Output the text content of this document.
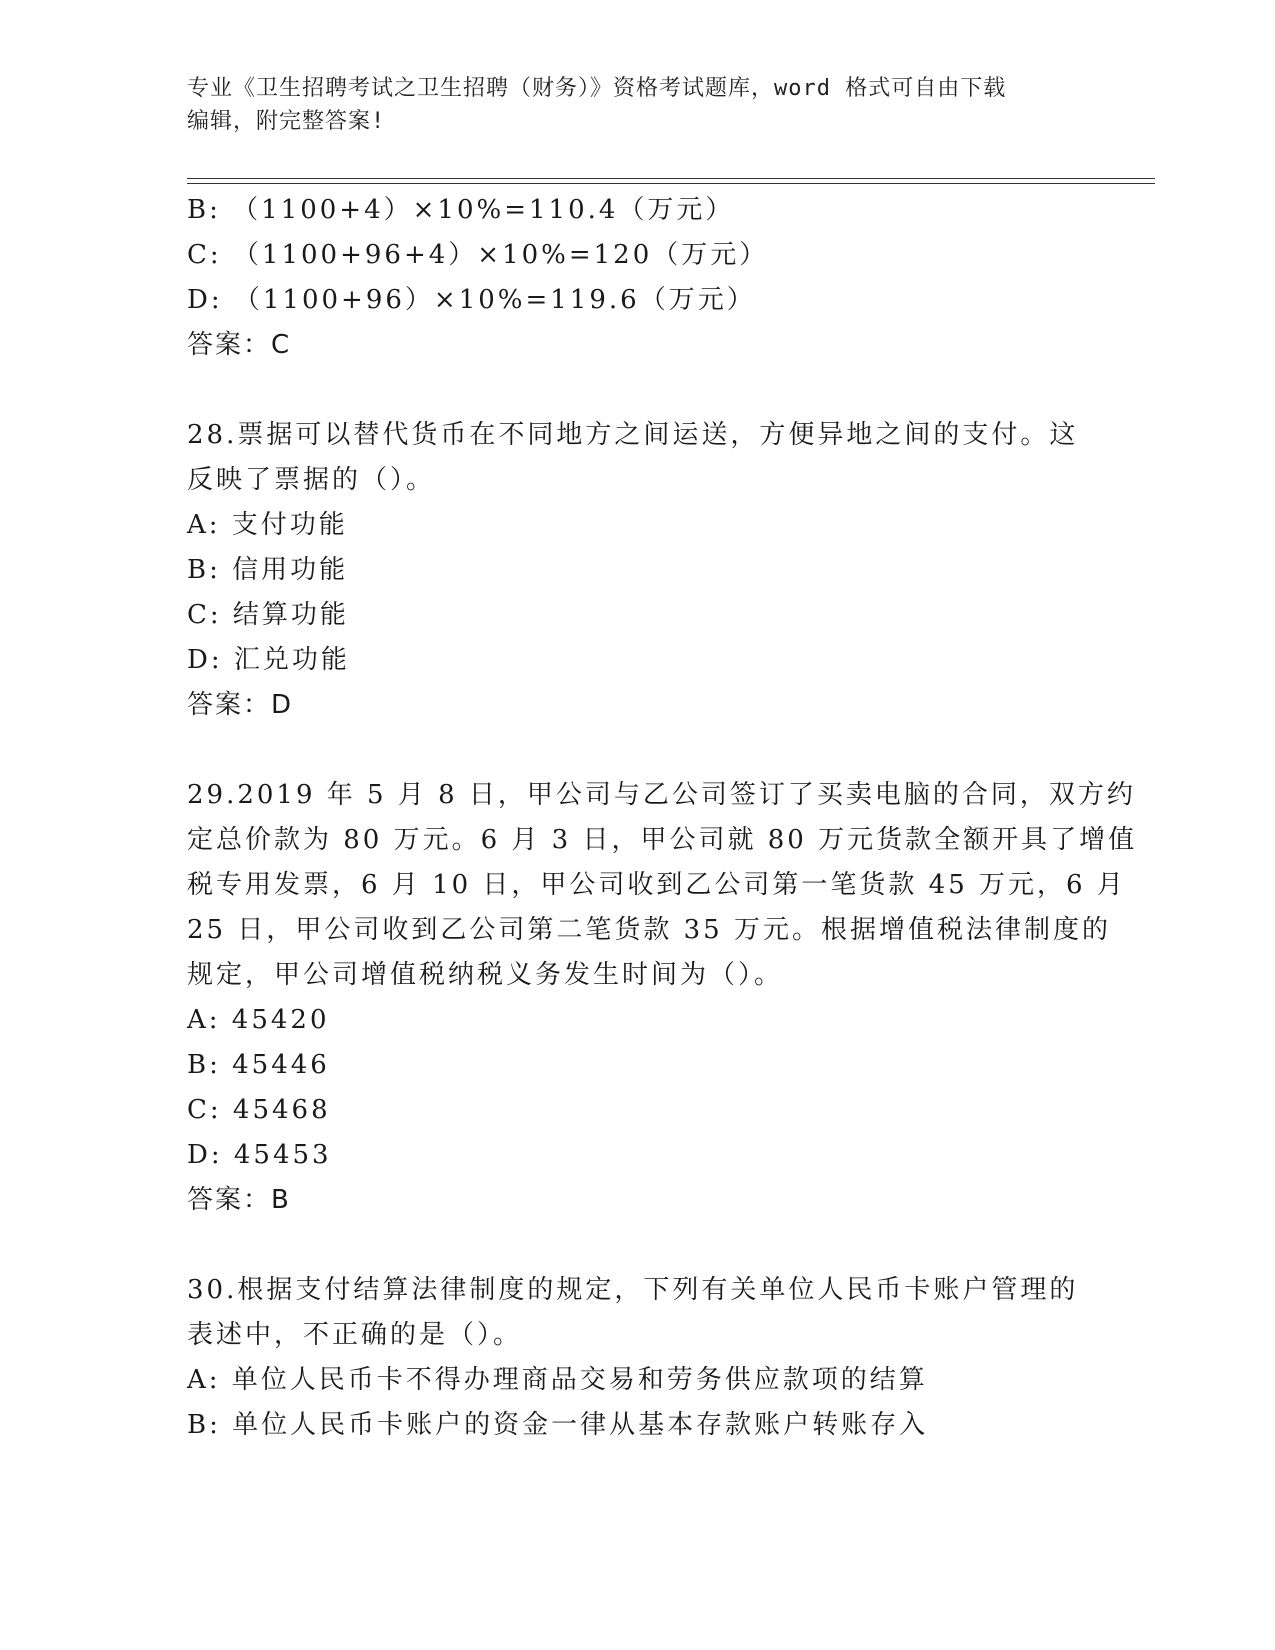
专业《卫生招聘考试之卫生招聘（财务）》资格考试题库，word 格式可自由下载
编辑，附完整答案!
B: （1100+4）×10%=110.4（万元）
C: （1100+96+4）×10%=120（万元）
D: （1100+96）×10%=119.6（万元）
答案：C
28.票据可以替代货币在不同地方之间运送，方便异地之间的支付。这
反映了票据的（）。
A: 支付功能
B: 信用功能
C: 结算功能
D: 汇兑功能
答案：D
29.2019 年 5 月 8 日，甲公司与乙公司签订了买卖电脑的合同，双方约
定总价款为 80 万元。6 月 3 日，甲公司就 80 万元货款全额开具了增值
税专用发票，6 月 10 日，甲公司收到乙公司第一笔货款 45 万元，6 月
25 日，甲公司收到乙公司第二笔货款 35 万元。根据增值税法律制度的
规定，甲公司增值税纳税义务发生时间为（）。
A: 45420
B: 45446
C: 45468
D: 45453
答案：B
30.根据支付结算法律制度的规定，下列有关单位人民币卡账户管理的
表述中，不正确的是（）。
A: 单位人民币卡不得办理商品交易和劳务供应款项的结算
B: 单位人民币卡账户的资金一律从基本存款账户转账存入
